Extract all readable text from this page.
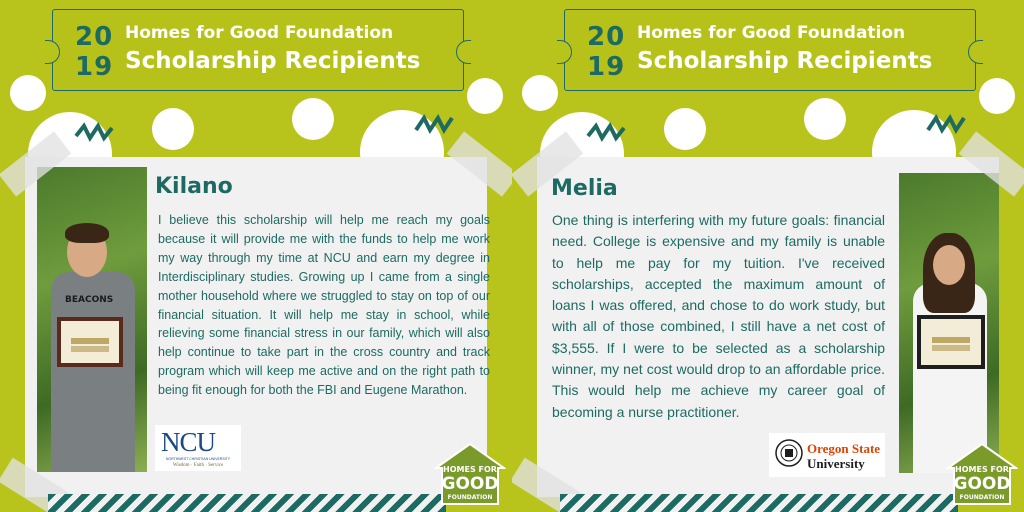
20
19
Homes for Good Foundation
Scholarship Recipients
BEACONS
Kilano
I believe this scholarship will help me reach my goals because it will provide me with the funds to help me work my way through my time at NCU and earn my degree in Interdisciplinary studies. Growing up I came from a single mother household where we struggled to stay on top of our financial situation. It will help me stay in school, while relieving some financial stress in our family, which will also help continue to take part in the cross country and track program which will keep me active and on the right path to being fit enough for both the FBI and Eugene Marathon.
NCU
NORTHWEST CHRISTIAN UNIVERSITY
Wisdom · Faith · Service	HOMES FOR
GOOD
FOUNDATION
20
19
Homes for Good Foundation
Scholarship Recipients
Melia
One thing is interfering with my future goals: financial need. College is expensive and my family is unable to help me pay for my tuition. I've received scholarships, accepted the maximum amount of loans I was offered, and chose to do work study, but with all of those combined, I still have a net cost of $3,555. If I were to be selected as a scholarship winner, my net cost would drop to an affordable price. This would help me achieve my career goal of becoming a nurse practitioner.
Oregon State
University	HOMES FOR
GOOD
FOUNDATION
